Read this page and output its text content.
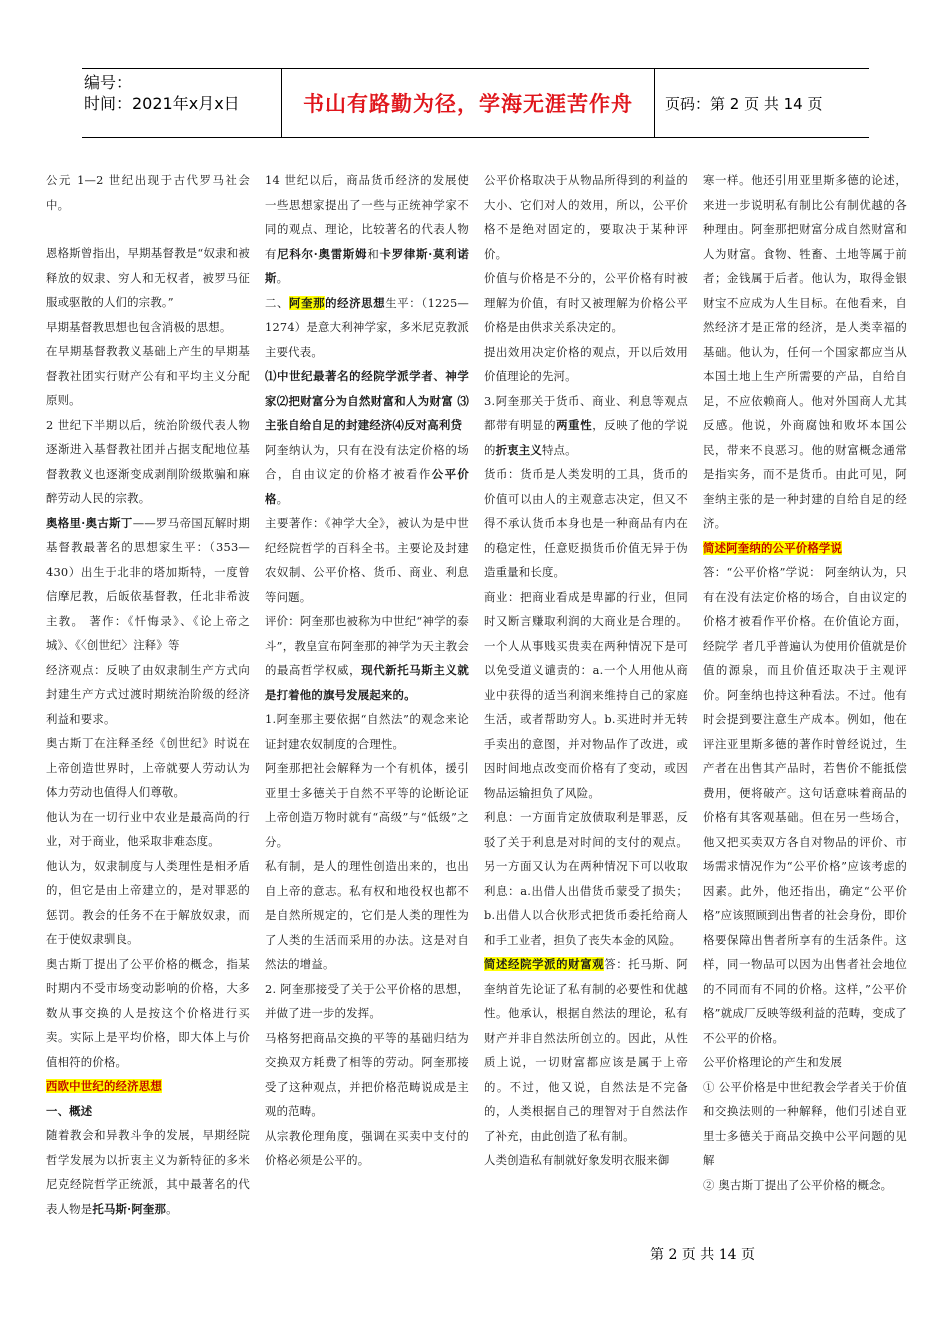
编号：
时间：2021年x月x日	书山有路勤为径，学海无涯苦作舟 页码：第 2 页 共 14 页

公元 1—2 世纪出现于古代罗马社会中。

恩格斯曾指出，早期基督教是“奴隶和被释放的奴隶、穷人和无权者，被罗马征服或驱散的人们的宗教。”

早期基督教思想也包含消极的思想。

在早期基督教教义基础上产生的早期基督教社团实行财产公有和平均主义分配原则。

2 世纪下半期以后，统治阶级代表人物逐渐进入基督教社团并占据支配地位基督教教义也逐渐变成剥削阶级欺骗和麻醉劳动人民的宗教。

奥格里·奥古斯丁——罗马帝国瓦解时期基督教最著名的思想家生平：（353—430）出生于北非的塔加斯特，一度曾信摩尼教，后皈依基督教，任北非希波主教。 著作：《忏悔录》、《论上帝之城》、《〈创世纪〉注释》等

经济观点：反映了由奴隶制生产方式向封建生产方式过渡时期统治阶级的经济利益和要求。

奥古斯丁在注释圣经《创世纪》时说在上帝创造世界时，上帝就要人劳动认为体力劳动也值得人们尊敬。

他认为在一切行业中农业是最高尚的行业，对于商业，他采取非难态度。

他认为，奴隶制度与人类理性是相矛盾的，但它是由上帝建立的，是对罪恶的惩罚。教会的任务不在于解放奴隶，而在于使奴隶驯良。

奥古斯丁提出了公平价格的概念，指某时期内不受市场变动影响的价格，大多数从事交换的人是按这个价格进行买卖。实际上是平均价格，即大体上与价值相符的价格。

西欧中世纪的经济思想

一、概述

随着教会和异教斗争的发展，早期经院哲学发展为以折衷主义为新特征的多米尼克经院哲学正统派，其中最著名的代表人物是托马斯·阿奎那。

14 世纪以后，商品货币经济的发展使一些思想家提出了一些与正统神学家不同的观点、理论，比较著名的代表人物有尼科尔·奥雷斯姆和卡罗律斯·莫利诺斯。

二、阿奎那的经济思想生平：（1225—1274）是意大利神学家，多米尼克教派主要代表。

⑴中世纪最著名的经院学派学者、神学家⑵把财富分为自然财富和人为财富 ⑶主张自给自足的封建经济⑷反对高利贷

阿奎纳认为，只有在没有法定价格的场合，自由议定的价格才被看作公平价格。

主要著作：《神学大全》，被认为是中世纪经院哲学的百科全书。主要论及封建农奴制、公平价格、货币、商业、利息等问题。

评价：阿奎那也被称为中世纪“神学的泰斗”，教皇宣布阿奎那的神学为天主教会的最高哲学权威，现代新托马斯主义就是打着他的旗号发展起来的。

1.阿奎那主要依据“自然法”的观念来论证封建农奴制度的合理性。

阿奎那把社会解释为一个有机体，援引亚里士多德关于自然不平等的论断论证上帝创造万物时就有“高级”与“低级”之分。

私有制，是人的理性创造出来的，也出自上帝的意志。私有权和地役权也都不是自然所规定的，它们是人类的理性为了人类的生活而采用的办法。这是对自然法的增益。

2. 阿奎那接受了关于公平价格的思想，并做了进一步的发挥。

马格努把商品交换的平等的基础归结为交换双方耗费了相等的劳动。阿奎那接受了这种观点，并把价格范畴说成是主观的范畴。

从宗教伦理角度，强调在买卖中支付的价格必须是公平的。

公平价格取决于从物品所得到的利益的大小、它们对人的效用，所以，公平价格不是绝对固定的，要取决于某种评价。

价值与价格是不分的，公平价格有时被理解为价值，有时又被理解为价格公平价格是由供求关系决定的。

提出效用决定价格的观点，开以后效用价值理论的先河。

3.阿奎那关于货币、商业、利息等观点都带有明显的两重性，反映了他的学说的折衷主义特点。

货币：货币是人类发明的工具，货币的价值可以由人的主观意志决定，但又不得不承认货币本身也是一种商品有内在的稳定性，任意贬损货币价值无异于伪造重量和长度。

商业：把商业看成是卑鄙的行业，但同时又断言赚取利润的大商业是合理的。一个人从事贱买贵卖在两种情况下是可以免受道义谴责的：a.一个人用他从商业中获得的适当利润来维持自己的家庭生活，或者帮助穷人。b.买进时并无转手卖出的意图，并对物品作了改进，或因时间地点改变而价格有了变动，或因物品运输担负了风险。

利息：一方面肯定放债取利是罪恶，反驳了关于利息是对时间的支付的观点。另一方面又认为在两种情况下可以收取利息：a.出借人出借货币蒙受了损失；b.出借人以合伙形式把货币委托给商人和手工业者，担负了丧失本金的风险。

简述经院学派的财富观答：托马斯、阿奎纳首先论证了私有制的必要性和优越性。他承认，根据自然法的理论，私有财产并非自然法所创立的。因此，从性质上说，一切财富都应该是属于上帝的。不过，他又说，自然法是不完备的，人类根据自己的理智对于自然法作了补充，由此创造了私有制。

人类创造私有制就好象发明衣服来御

寒一样。他还引用亚里斯多德的论述，来进一步说明私有制比公有制优越的各种理由。阿奎那把财富分成自然财富和人为财富。食物、牲畜、土地等属于前者；金钱属于后者。他认为，取得金银财宝不应成为人生目标。在他看来，自然经济才是正常的经济，是人类幸福的基础。他认为，任何一个国家都应当从本国土地上生产所需要的产品，自给自足，不应依赖商人。他对外国商人尤其反感。他说，外商腐蚀和败坏本国公民，带来不良恶习。他的财富概念通常是指实务，而不是货币。由此可见，阿奎纳主张的是一种封建的自给自足的经济。

简述阿奎纳的公平价格学说

答：“公平价格”学说： 阿奎纳认为，只有在没有法定价格的场合，自由议定的价格才被看作平价格。在价值论方面，经院学 者几乎普遍认为使用价值就是价值的源泉，而且价值还取决于主观评价。阿奎纳也持这种看法。不过。他有时会提到要注意生产成本。例如，他在评注亚里斯多德的著作时曾经说过，生产者在出售其产品时，若售价不能抵偿费用，便将破产。这句话意味着商品的价格有其客观基础。但在另一些场合，他又把买卖双方各自对物品的评价、市场需求情况作为“公平价格”应该考虑的因素。此外，他还指出，确定“公平价格”应该照顾到出售者的社会身份，即价格要保障出售者所享有的生活条件。这样，同一物品可以因为出售者社会地位的不同而有不同的价格。这样，”公平价格”就成厂反映等级利益的范畴，变成了不公平的价格。

公平价格理论的产生和发展

① 公平价格是中世纪教会学者关于价值和交换法则的一种解释，他们引述自亚里士多德关于商品交换中公平问题的见解

② 奥古斯丁提出了公平价格的概念。

第 2 页 共 14 页
